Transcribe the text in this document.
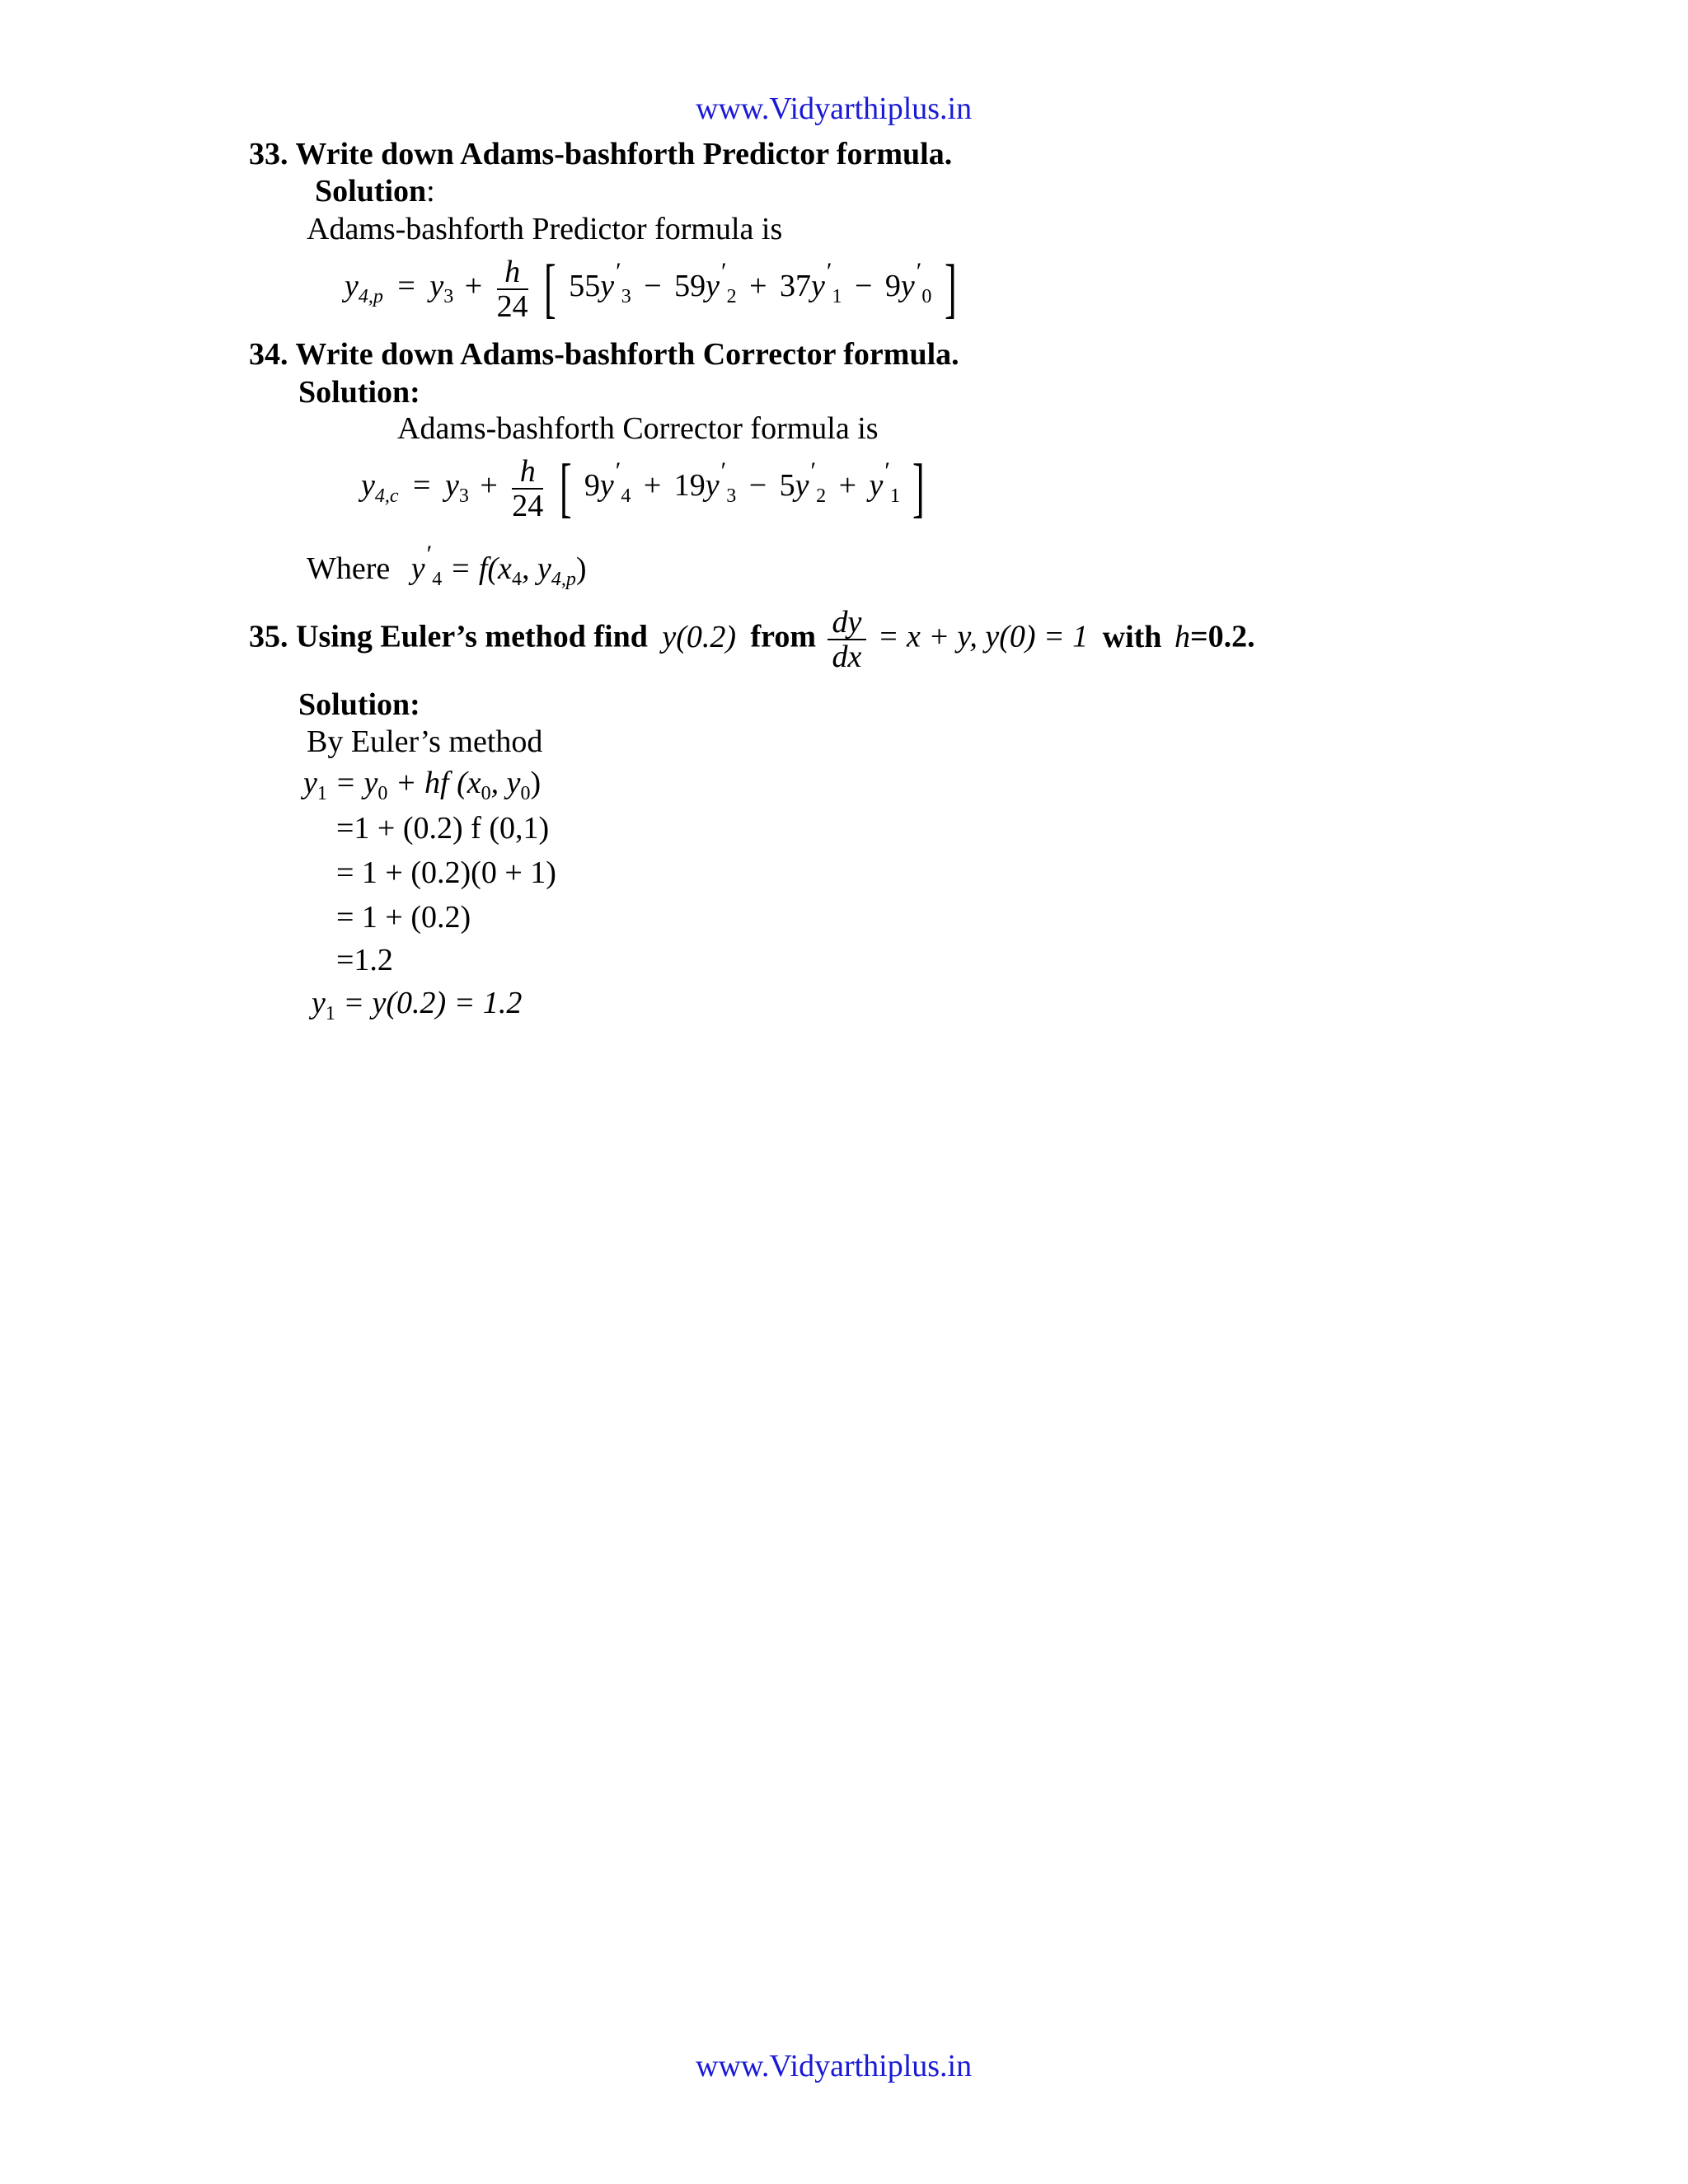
www.Vidyarthiplus.in
33. Write down Adams-bashforth Predictor formula.
Solution:
Adams-bashforth Predictor formula is
$y_{4,p} = y_3 + \frac{h}{24}$ [ $55y'_3 - 59y'_2 + 37y'_1 - 9y'_0$ ]
34. Write down Adams-bashforth Corrector formula.
Solution:
Adams-bashforth Corrector formula is
$y_{4,c} = y_3 + \frac{h}{24}$ [ $9y'_4 + 19y'_3 - 5y'_2 + y'_1$ ]
Where $y'_4 = f(x_4$, $y_{4,p}$)
35. Using Euler’s method find y(0.2) from $\frac{dy}{dx} = x + y$, y(0) = 1 with h=0.2.
Solution:
By Euler’s method
$y_1 = y_0$ + hf ($x_0$, $y_0$)
=1 + (0.2) f (0,1)
= 1 + (0.2)(0 + 1)
= 1 + (0.2)
=1.2
$y_1 = y(0.2) = 1.2$
www.Vidyarthiplus.in
